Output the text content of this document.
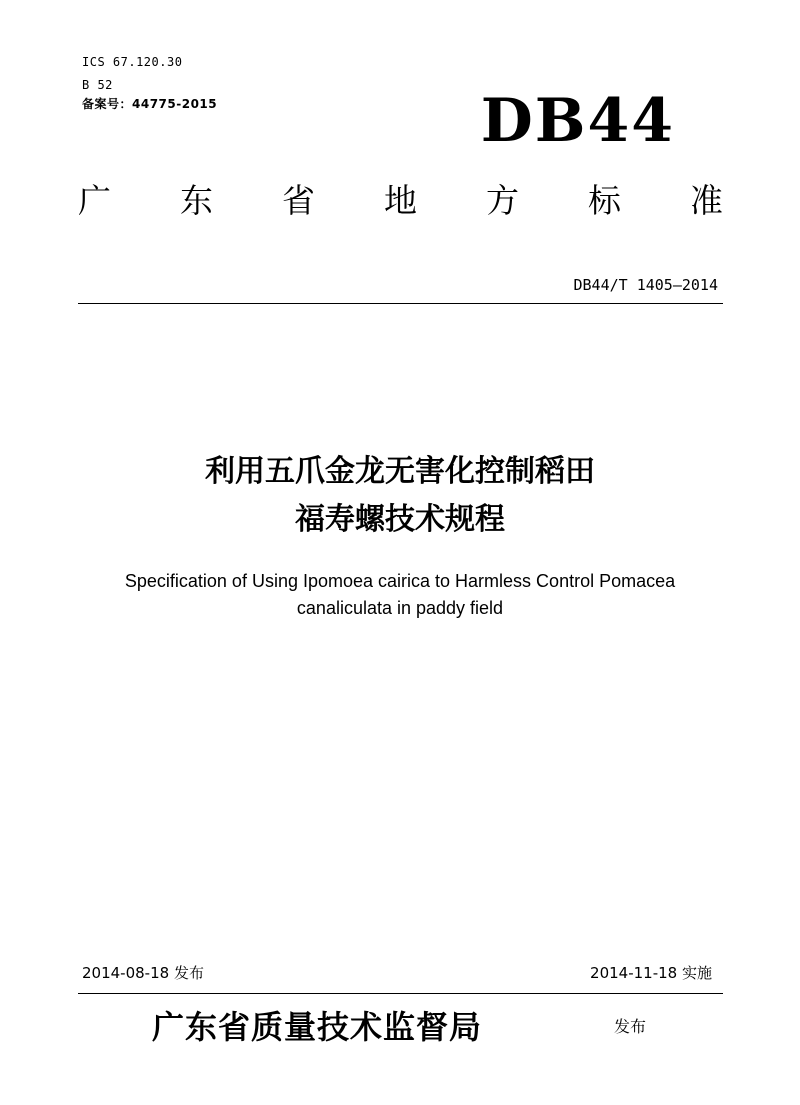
ICS 67.120.30
B 52
备案号：44775-2015	DB44
广 东 省 地 方 标 准
DB44/T 1405—2014
利用五爪金龙无害化控制稻田
福寿螺技术规程
Specification of Using Ipomoea cairica to Harmless Control Pomacea
canaliculata in paddy field
2014-08-18 发布	2014-11-18 实施
广东省质量技术监督局	发布
